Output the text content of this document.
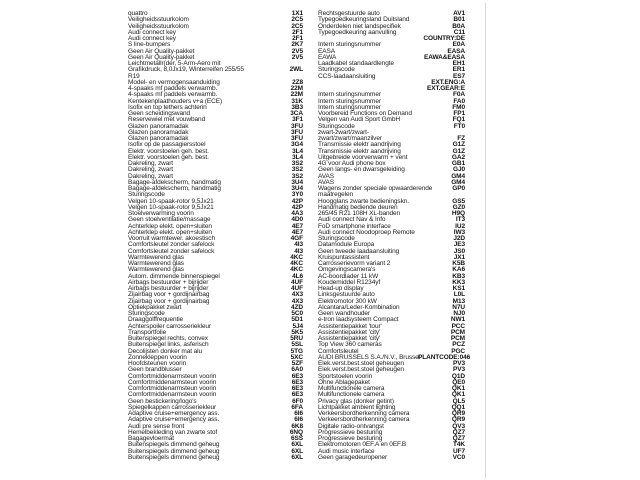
quattro	1X1 Rechtsgestuurde auto	AV1
Veiligheidsstuurkolom	2C5 Typegoedkeuringsland Duitsland	B01
Veiligheidsstuurkolom	2C5 Onderdelen niet landspecifiek	B0A
Audi connect key	2F1 Typegoedkeuring aanvulling	C11
Audi connect key	2F1	COUNTRY:DE
S line-bumpers	2K7 Intern sturingsnummer	E0A
Geen Air Quality-pakket	2V5 EASA	EASA
Geen Air Quality-pakket	2V5 EAWA	EAWA&EASA
Leichtmetallr(der, 5-Arm-Aero mit	Laadkabel standaardlengte	EH1
Grafikdruck, 8,0Jx19, Winterreifen 255/55	2WL Sturingscode	ER1
R19	CCS-laadaansluiting	ES7
Model- en vermogensaanduiding	2Z8	EXT.ENG:A
4-spaaks mf paddels verwarmb.	22M	EXT.GEAR:E
4-spaaks mf paddels verwarmb.	22M Intern sturingsnummer	F0A
Kentekenplaathouders v+a (ECE)	31K Intern sturingsnummer	FA0
Isofix en top tethers achterin	3B3 Intern sturingsnummer	FM0
Geen scheidingswand	3CA Voorbereid Functions on Demand	FP1
Reservewiel met vouwband	3F1 Velgen van Audi Sport GmbH	FQ1
Glazen panoramadak	3FU Sturingscode	FT0
Glazen panoramadak	3FU zwart-zwart/zwart-
Glazen panoramadak	3FU zwart/zwart/maanzilver	FZ
Isofix op de passagiersstoel	3G4 Transmissie elektr aandrijving	G1Z
Elektr. voorstoelen geh. best.	3L4 Transmissie elektr aandrijving	G1Z
Elektr. voorstoelen geh. best.	3L4 Uitgebreide voorverwarm + vent	GA2
Dakreling, zwart	3S2 4G voor Audi phone box	GB1
Dakreling, zwart	3S2 Geen langs- en dwarsgeleiding	GJ0
Dakreling, zwart	3S2 AVAS	GM4
Bagage-afdekscherm, handmatig	3U4 AVAS	GM4
Bagage-afdekscherm, handmatig	3U4 Wagens zonder speciale opwaarderende	GP0
Sturingscode	3Y0 maatregelen
Velgen 10-spaak-rotor 9,5Jx21	42P Hoogglans zwarte bedieningskn.	GS5
Velgen 10-spaak-rotor 9,5Jx21	42P Handmatig bediende deuren	GZ0
Stoelverwarming voorin	4A3 265/45 R21 108H XL-banden	H9Q
Geen stoelventilatie/massage	4D0 Audi connect Nav & Info	IT3
Achterklep elekt. open+sluiten	4E7 FoD smartphone interface	IU2
Achterklep elekt. open+sluiten	4E7 Audi connect Noodoproep Remote	IW3
Voorruit warmtewer. akoestisch	4GF Sturingscode	J2D
Comfortsleutel zonder safelock	4I3 Datamodule Europa	JE3
Comfortsleutel zonder safelock	4I3 Geen tweede laadaansluiting	JS0
Warmtewerend glas	4KC Kruispuntassistent	JX1
Warmtewerend glas	4KC Carrosserievorm variant 2	K5B
Warmtewerend glas	4KC Omgevingscamera's	KA6
Autom. dimmende binnenspiegel	4L6 AC-boordlader 11 kW	KB3
Airbags bestuurder + bijrijder	4UF Koudemiddel R1234yf	KK3
Airbags bestuurder + bijrijder	4UF Head-up display	KS1
Zijairbag voor + gordijnairbag	4X3 Linksgestuurde auto	L0L
Zijairbag voor + gordijnairbag	4X3 Elektromotor 300 kW	M13
Optiekpakket zwart	4ZD Alcantara/Leder-Kombination	N7U
Sturingscode	5C0 Geen wandhouder	NJ0
Draaggolffrequentie	5D1 e-tron laadsysteem Compact	NW1
Achterspoiler carrosseriekleur	5J4 Assistentiepakket 'tour'	PCC
Transportfolie	5K5 Assistentiepakket 'city'	PCM
Buitenspiegel rechts, convex	5RU Assistentiepakket 'city'	PCM
Buitenspiegel links, asferisch	5SL Top View 360 cameras	PCZ
Decolijsten donker mat alu	5TG Comfortsleutel	PGC
Zonnekleppen voorin	5XC AUDI BRUSSELS S.A./N.V., Brussel
PLANTCODE:046
Hoofdsteunen voorin	5ZF Elek.verst.best.stoel geheugen	PV3
Geen brandblusser	6A0 Elek.verst.best.stoel geheugen	PV3
Comfortmiddenarmsteun voorin	6E3 Sportstoelen voorin	Q1D
Comfortmiddenarmsteun voorin	6E3 Ohne Ablagepaket	QE0
Comfortmiddenarmsteun voorin	6E3 Multifunctionele camera	QK1
Comfortmiddenarmsteun voorin	6E3 Multifunctionele camera	QK1
Geen bestickering/logo's	6F0 Privacy glas (donker getint)	QL5
Spiegelkappen carrosseriekleur	6FA Lichtpakket ambient lighting	QQ1
Adaptive cruise+emergency ass.	6I6 Verkeersbordherkenning camera	QR9
Adaptive cruise+emergency ass.	6I6 Verkeersbordherkenning camera	QR9
Audi pre sense front	6K8 Digitale radio-ontvangst	QV3
Hemelbekleding van zwarte stof	6NQ Progressieve besturing	QZ7
Bagagevloermat	6SS Progressieve besturing	QZ7
Buitenspiegels dimmend geheug	6XL Elektromotoren 0EF.A en 0EF.B	T4K
Buitenspiegels dimmend geheug	6XL Audi music interface	UF7
Buitenspiegels dimmend geheug	6XL Geen garagedeuropener	VC0
